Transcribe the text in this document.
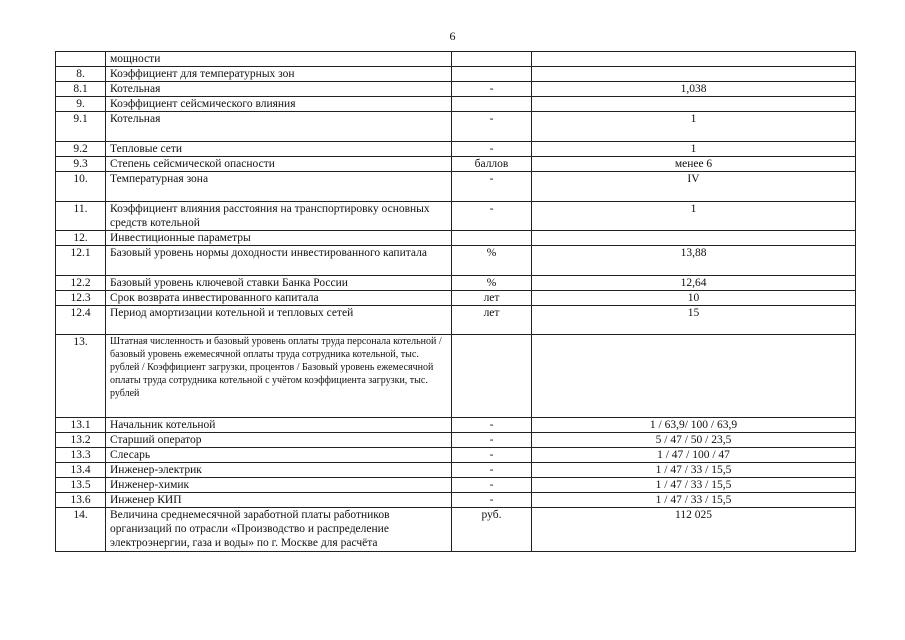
6
	мощности		
8.	Коэффициент для температурных зон		
8.1	Котельная	-	1,038
9.	Коэффициент сейсмического влияния		
9.1	Котельная	-	1
9.2	Тепловые сети	-	1
9.3	Степень сейсмической опасности	баллов	менее 6
10.	Температурная зона	-	IV
11.	Коэффициент влияния расстояния на транспортировку основных средств котельной	-	1
12.	Инвестиционные параметры		
12.1	Базовый уровень нормы доходности инвестированного капитала	%	13,88
12.2	Базовый уровень ключевой ставки Банка России	%	12,64
12.3	Срок возврата инвестированного капитала	лет	10
12.4	Период амортизации котельной и тепловых сетей	лет	15
13.	Штатная численность и базовый уровень оплаты труда персонала котельной / базовый уровень ежемесячной оплаты труда сотрудника котельной, тыс. рублей / Коэффициент загрузки, процентов / Базовый уровень ежемесячной оплаты труда сотрудника котельной с учётом коэффициента загрузки, тыс. рублей		
13.1	Начальник котельной	-	1 / 63,9/ 100 / 63,9
13.2	Старший оператор	-	5 / 47 / 50 / 23,5
13.3	Слесарь	-	1 / 47 / 100 / 47
13.4	Инженер-электрик	-	1 / 47 / 33 / 15,5
13.5	Инженер-химик	-	1 / 47 / 33 / 15,5
13.6	Инженер КИП	-	1 / 47 / 33 / 15,5
14.	Величина среднемесячной заработной платы работников организаций по отрасли «Производство и распределение электроэнергии, газа и воды» по г. Москве для расчёта	руб.	112 025
